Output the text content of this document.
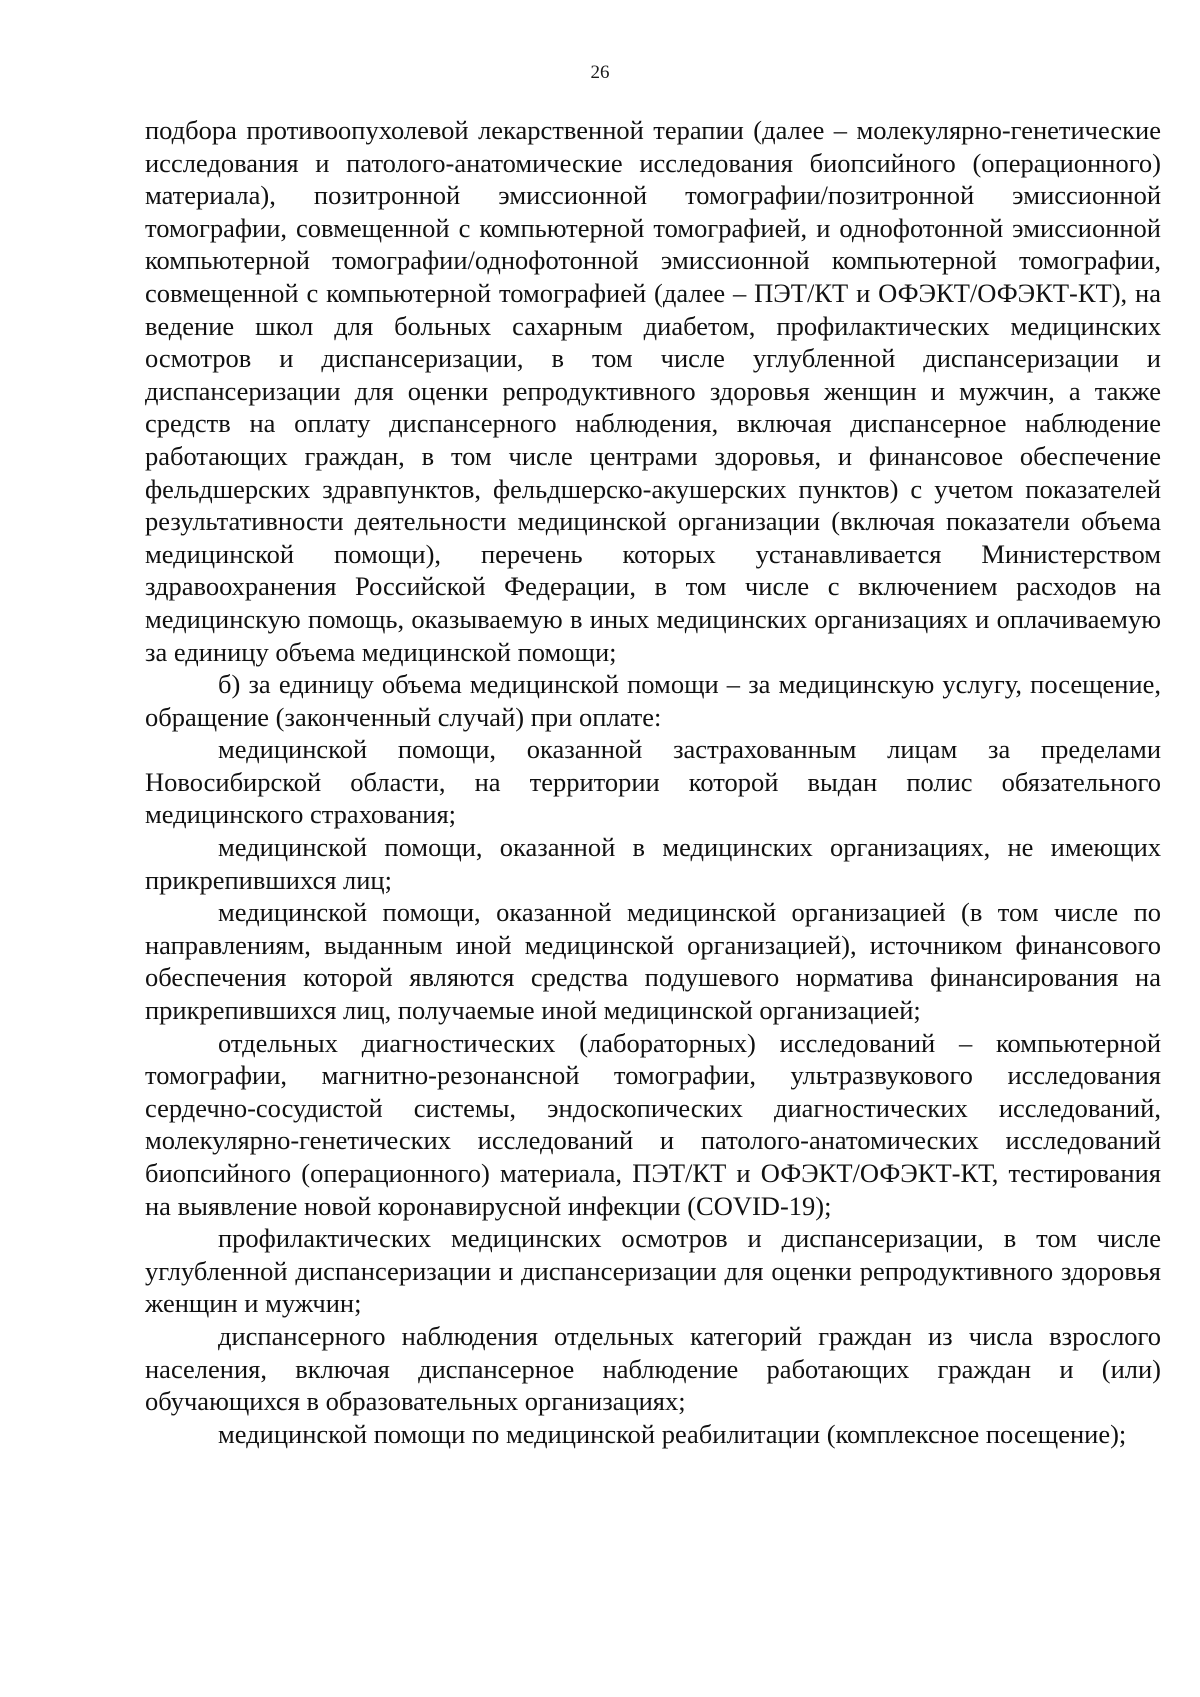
26

подбора противоопухолевой лекарственной терапии (далее – молекулярно-генетические исследования и патолого-анатомические исследования биопсийного (операционного) материала), позитронной эмиссионной томографии/позитронной эмиссионной томографии, совмещенной с компьютерной томографией, и однофотонной эмиссионной компьютерной томографии/однофотонной эмиссионной компьютерной томографии, совмещенной с компьютерной томографией (далее – ПЭТ/КТ и ОФЭКТ/ОФЭКТ-КТ), на ведение школ для больных сахарным диабетом, профилактических медицинских осмотров и диспансеризации, в том числе углубленной диспансеризации и диспансеризации для оценки репродуктивного здоровья женщин и мужчин, а также средств на оплату диспансерного наблюдения, включая диспансерное наблюдение работающих граждан, в том числе центрами здоровья, и финансовое обеспечение фельдшерских здравпунктов, фельдшерско-акушерских пунктов) с учетом показателей результативности деятельности медицинской организации (включая показатели объема медицинской помощи), перечень которых устанавливается Министерством здравоохранения Российской Федерации, в том числе с включением расходов на медицинскую помощь, оказываемую в иных медицинских организациях и оплачиваемую за единицу объема медицинской помощи;

б) за единицу объема медицинской помощи – за медицинскую услугу, посещение, обращение (законченный случай) при оплате:

медицинской помощи, оказанной застрахованным лицам за пределами Новосибирской области, на территории которой выдан полис обязательного медицинского страхования;

медицинской помощи, оказанной в медицинских организациях, не имеющих прикрепившихся лиц;

медицинской помощи, оказанной медицинской организацией (в том числе по направлениям, выданным иной медицинской организацией), источником финансового обеспечения которой являются средства подушевого норматива финансирования на прикрепившихся лиц, получаемые иной медицинской организацией;

отдельных диагностических (лабораторных) исследований – компьютерной томографии, магнитно-резонансной томографии, ультразвукового исследования сердечно-сосудистой системы, эндоскопических диагностических исследований, молекулярно-генетических исследований и патолого-анатомических исследований биопсийного (операционного) материала, ПЭТ/КТ и ОФЭКТ/ОФЭКТ-КТ, тестирования на выявление новой коронавирусной инфекции (COVID-19);

профилактических медицинских осмотров и диспансеризации, в том числе углубленной диспансеризации и диспансеризации для оценки репродуктивного здоровья женщин и мужчин;

диспансерного наблюдения отдельных категорий граждан из числа взрослого населения, включая диспансерное наблюдение работающих граждан и (или) обучающихся в образовательных организациях;

медицинской помощи по медицинской реабилитации (комплексное посещение);
